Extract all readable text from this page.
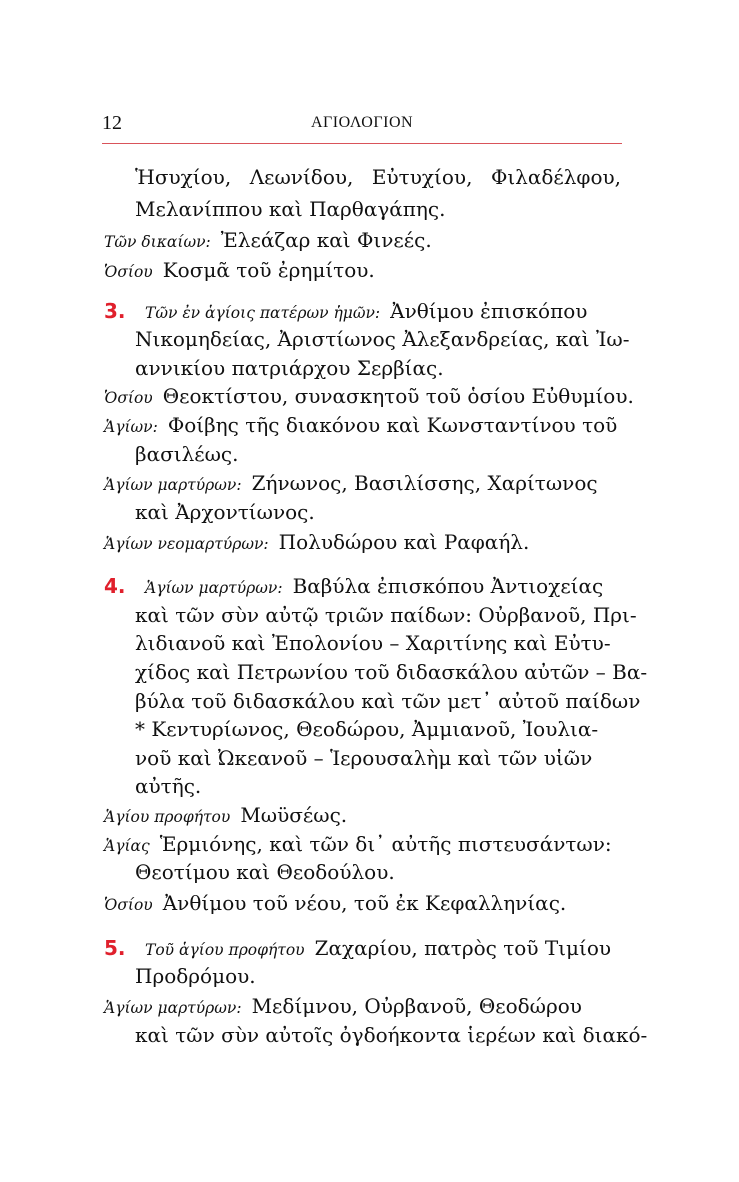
12	ΑΓΙΟΛΟΓΙΟΝ
Ἡσυχίου, Λεωνίδου, Εὐτυχίου, Φιλαδέλφου,
Μελανίππου καὶ Παρθαγάπης.
Τῶν δικαίων: Ἐλεάζαρ καὶ Φινεές.
Ὁσίου Κοσμᾶ τοῦ ἐρημίτου.
3. Τῶν ἐν ἁγίοις πατέρων ἡμῶν: Ἀνθίμου ἐπισκόπου
Νικομηδείας, Ἀριστίωνος Ἀλεξανδρείας, καὶ Ἰω-
αννικίου πατριάρχου Σερβίας.
Ὁσίου Θεοκτίστου, συνασκητοῦ τοῦ ὁσίου Εὐθυμίου.
Ἁγίων: Φοίβης τῆς διακόνου καὶ Κωνσταντίνου τοῦ
βασιλέως.
Ἁγίων μαρτύρων: Ζήνωνος, Βασιλίσσης, Χαρίτωνος
καὶ Ἀρχοντίωνος.
Ἁγίων νεομαρτύρων: Πολυδώρου καὶ Ραφαήλ.
4. Ἁγίων μαρτύρων: Βαβύλα ἐπισκόπου Ἀντιοχείας
καὶ τῶν σὺν αὐτῷ τριῶν παίδων: Οὐρβανοῦ, Πρι-
λιδιανοῦ καὶ Ἐπολονίου – Χαριτίνης καὶ Εὐτυ-
χίδος καὶ Πετρωνίου τοῦ διδασκάλου αὐτῶν – Βα-
βύλα τοῦ διδασκάλου καὶ τῶν μετ᾽ αὐτοῦ παίδων
* Κεντυρίωνος, Θεοδώρου, Ἀμμιανοῦ, Ἰουλια-
νοῦ καὶ Ὠκεανοῦ – Ἱερουσαλὴμ καὶ τῶν υἱῶν
αὐτῆς.
Ἁγίου προφήτου Μωϋσέως.
Ἁγίας Ἑρμιόνης, καὶ τῶν δι᾽ αὐτῆς πιστευσάντων:
Θεοτίμου καὶ Θεοδούλου.
Ὁσίου Ἀνθίμου τοῦ νέου, τοῦ ἐκ Κεφαλληνίας.
5. Τοῦ ἁγίου προφήτου Ζαχαρίου, πατρὸς τοῦ Τιμίου
Προδρόμου.
Ἁγίων μαρτύρων: Μεδίμνου, Οὐρβανοῦ, Θεοδώρου
καὶ τῶν σὺν αὐτοῖς ὀγδοήκοντα ἱερέων καὶ διακό-
